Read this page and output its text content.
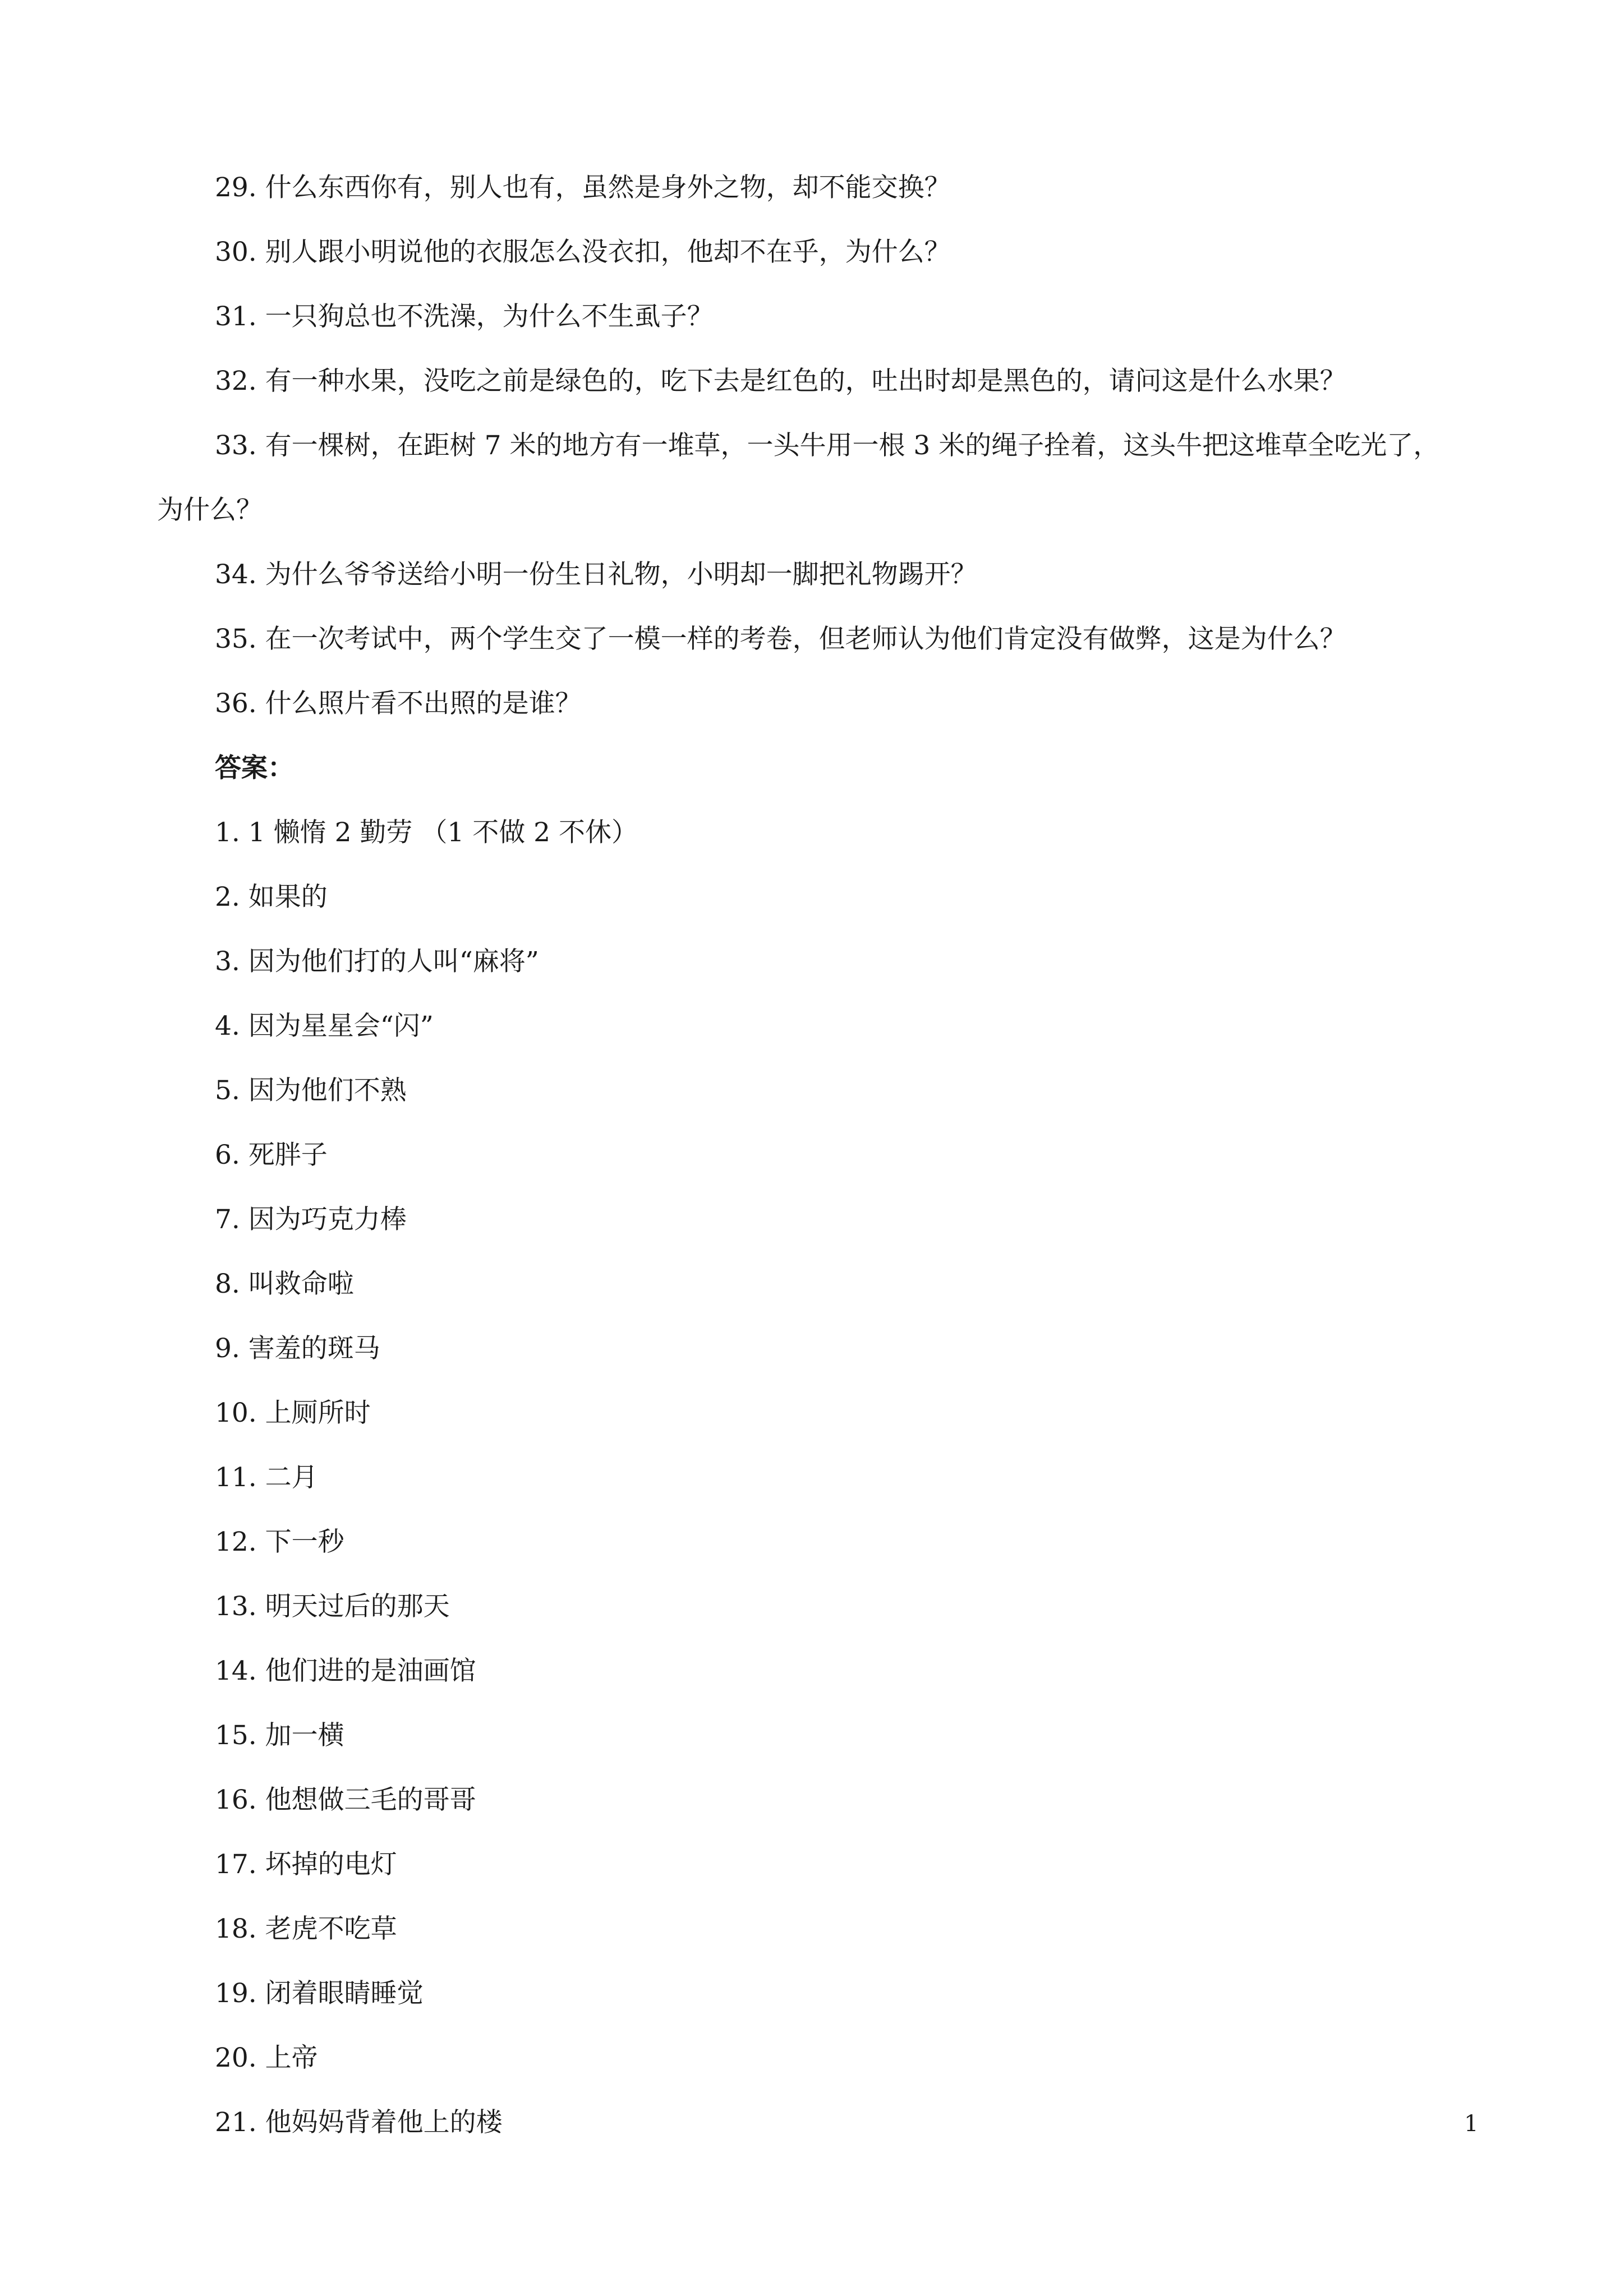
29. 什么东西你有，别人也有，虽然是身外之物，却不能交换？
30. 别人跟小明说他的衣服怎么没衣扣，他却不在乎，为什么？
31. 一只狗总也不洗澡，为什么不生虱子？
32. 有一种水果，没吃之前是绿色的，吃下去是红色的，吐出时却是黑色的，请问这是什么水果？
33. 有一棵树，在距树 7 米的地方有一堆草，一头牛用一根 3 米的绳子拴着，这头牛把这堆草全吃光了，
为什么？
34. 为什么爷爷送给小明一份生日礼物，小明却一脚把礼物踢开？
35. 在一次考试中，两个学生交了一模一样的考卷，但老师认为他们肯定没有做弊，这是为什么？
36. 什么照片看不出照的是谁？
答案：
1. 1 懒惰 2 勤劳 （1 不做 2 不休）
2. 如果的
3. 因为他们打的人叫“麻将”
4. 因为星星会“闪”
5. 因为他们不熟
6. 死胖子
7. 因为巧克力棒
8. 叫救命啦
9. 害羞的斑马
10. 上厕所时
11. 二月
12. 下一秒
13. 明天过后的那天
14. 他们进的是油画馆
15. 加一横
16. 他想做三毛的哥哥
17. 坏掉的电灯
18. 老虎不吃草
19. 闭着眼睛睡觉
20. 上帝
21. 他妈妈背着他上的楼	1
